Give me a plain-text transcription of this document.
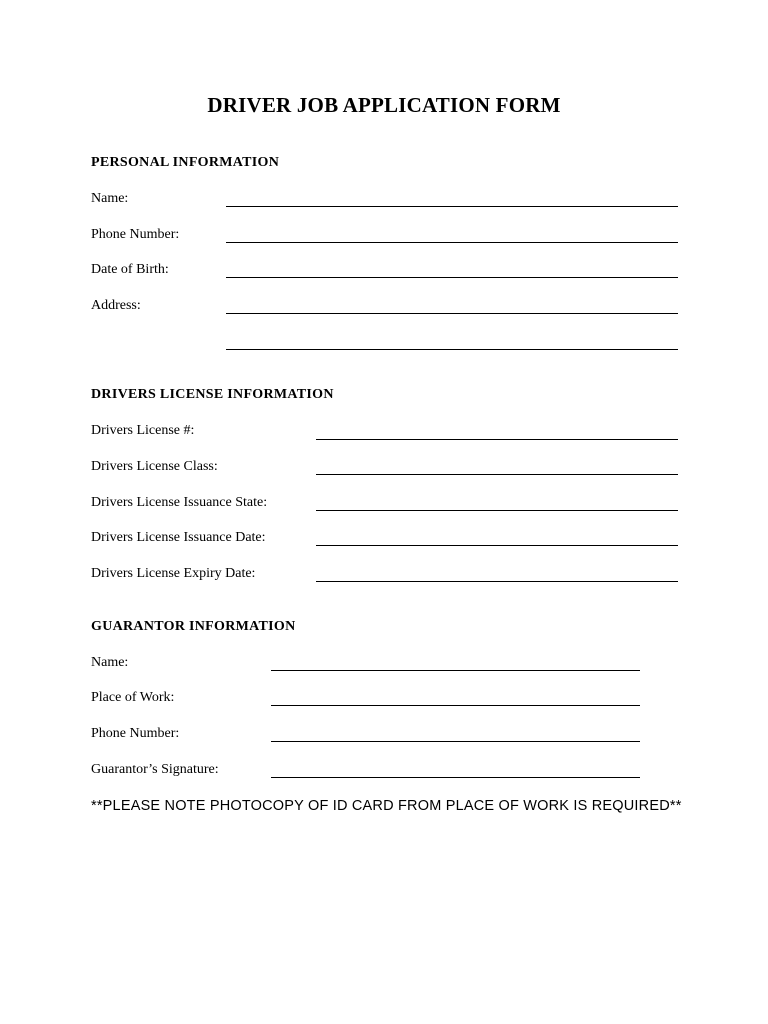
DRIVER JOB APPLICATION FORM
PERSONAL INFORMATION
Name:
Phone Number:
Date of Birth:
Address:
DRIVERS LICENSE INFORMATION
Drivers License #:
Drivers License Class:
Drivers License Issuance State:
Drivers License Issuance Date:
Drivers License Expiry Date:
GUARANTOR INFORMATION
Name:
Place of Work:
Phone Number:
Guarantor’s Signature:
**PLEASE NOTE PHOTOCOPY OF ID CARD FROM PLACE OF WORK IS REQUIRED**
